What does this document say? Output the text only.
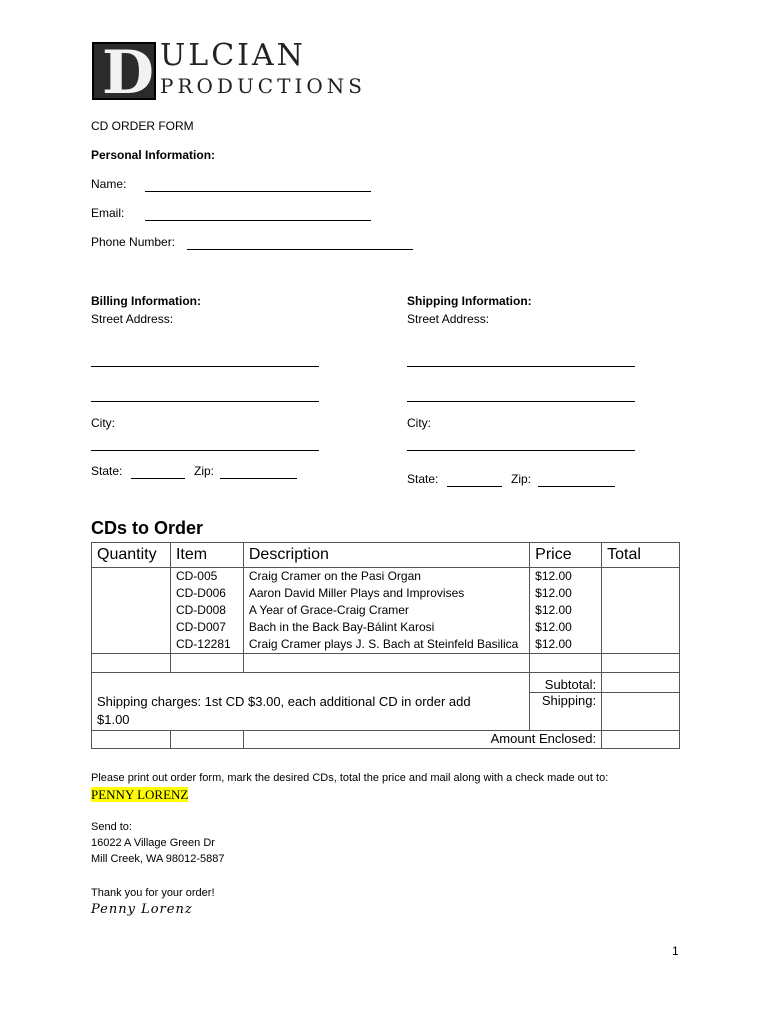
D ULCIAN
PRODUCTIONS
CD ORDER FORM
Personal Information:
Name:
Email:
Phone Number:
Billing Information:
Street Address:
City:
State:	Zip:
Shipping Information:
Street Address:
City:
State:	Zip:
CDs to Order
Quantity	Item	Description	Price	Total
	CD-005	Craig Cramer on the Pasi Organ	$12.00	
	CD-D006	Aaron David Miller Plays and Improvises	$12.00	
	CD-D008	A Year of Grace-Craig Cramer	$12.00	
	CD-D007	Bach in the Back Bay-Bálint Karosi	$12.00	
	CD-12281	Craig Cramer plays J. S. Bach at Steinfeld Basilica	$12.00	

			Subtotal:	
Shipping charges: 1st CD $3.00, each additional CD in order add $1.00			Shipping:	
		Amount Enclosed:		
Please print out order form, mark the desired CDs, total the price and mail along with a check made out to:
PENNY LORENZ
Send to:
16022 A Village Green Dr
Mill Creek, WA 98012-5887
Thank you for your order!
Penny Lorenz
1
